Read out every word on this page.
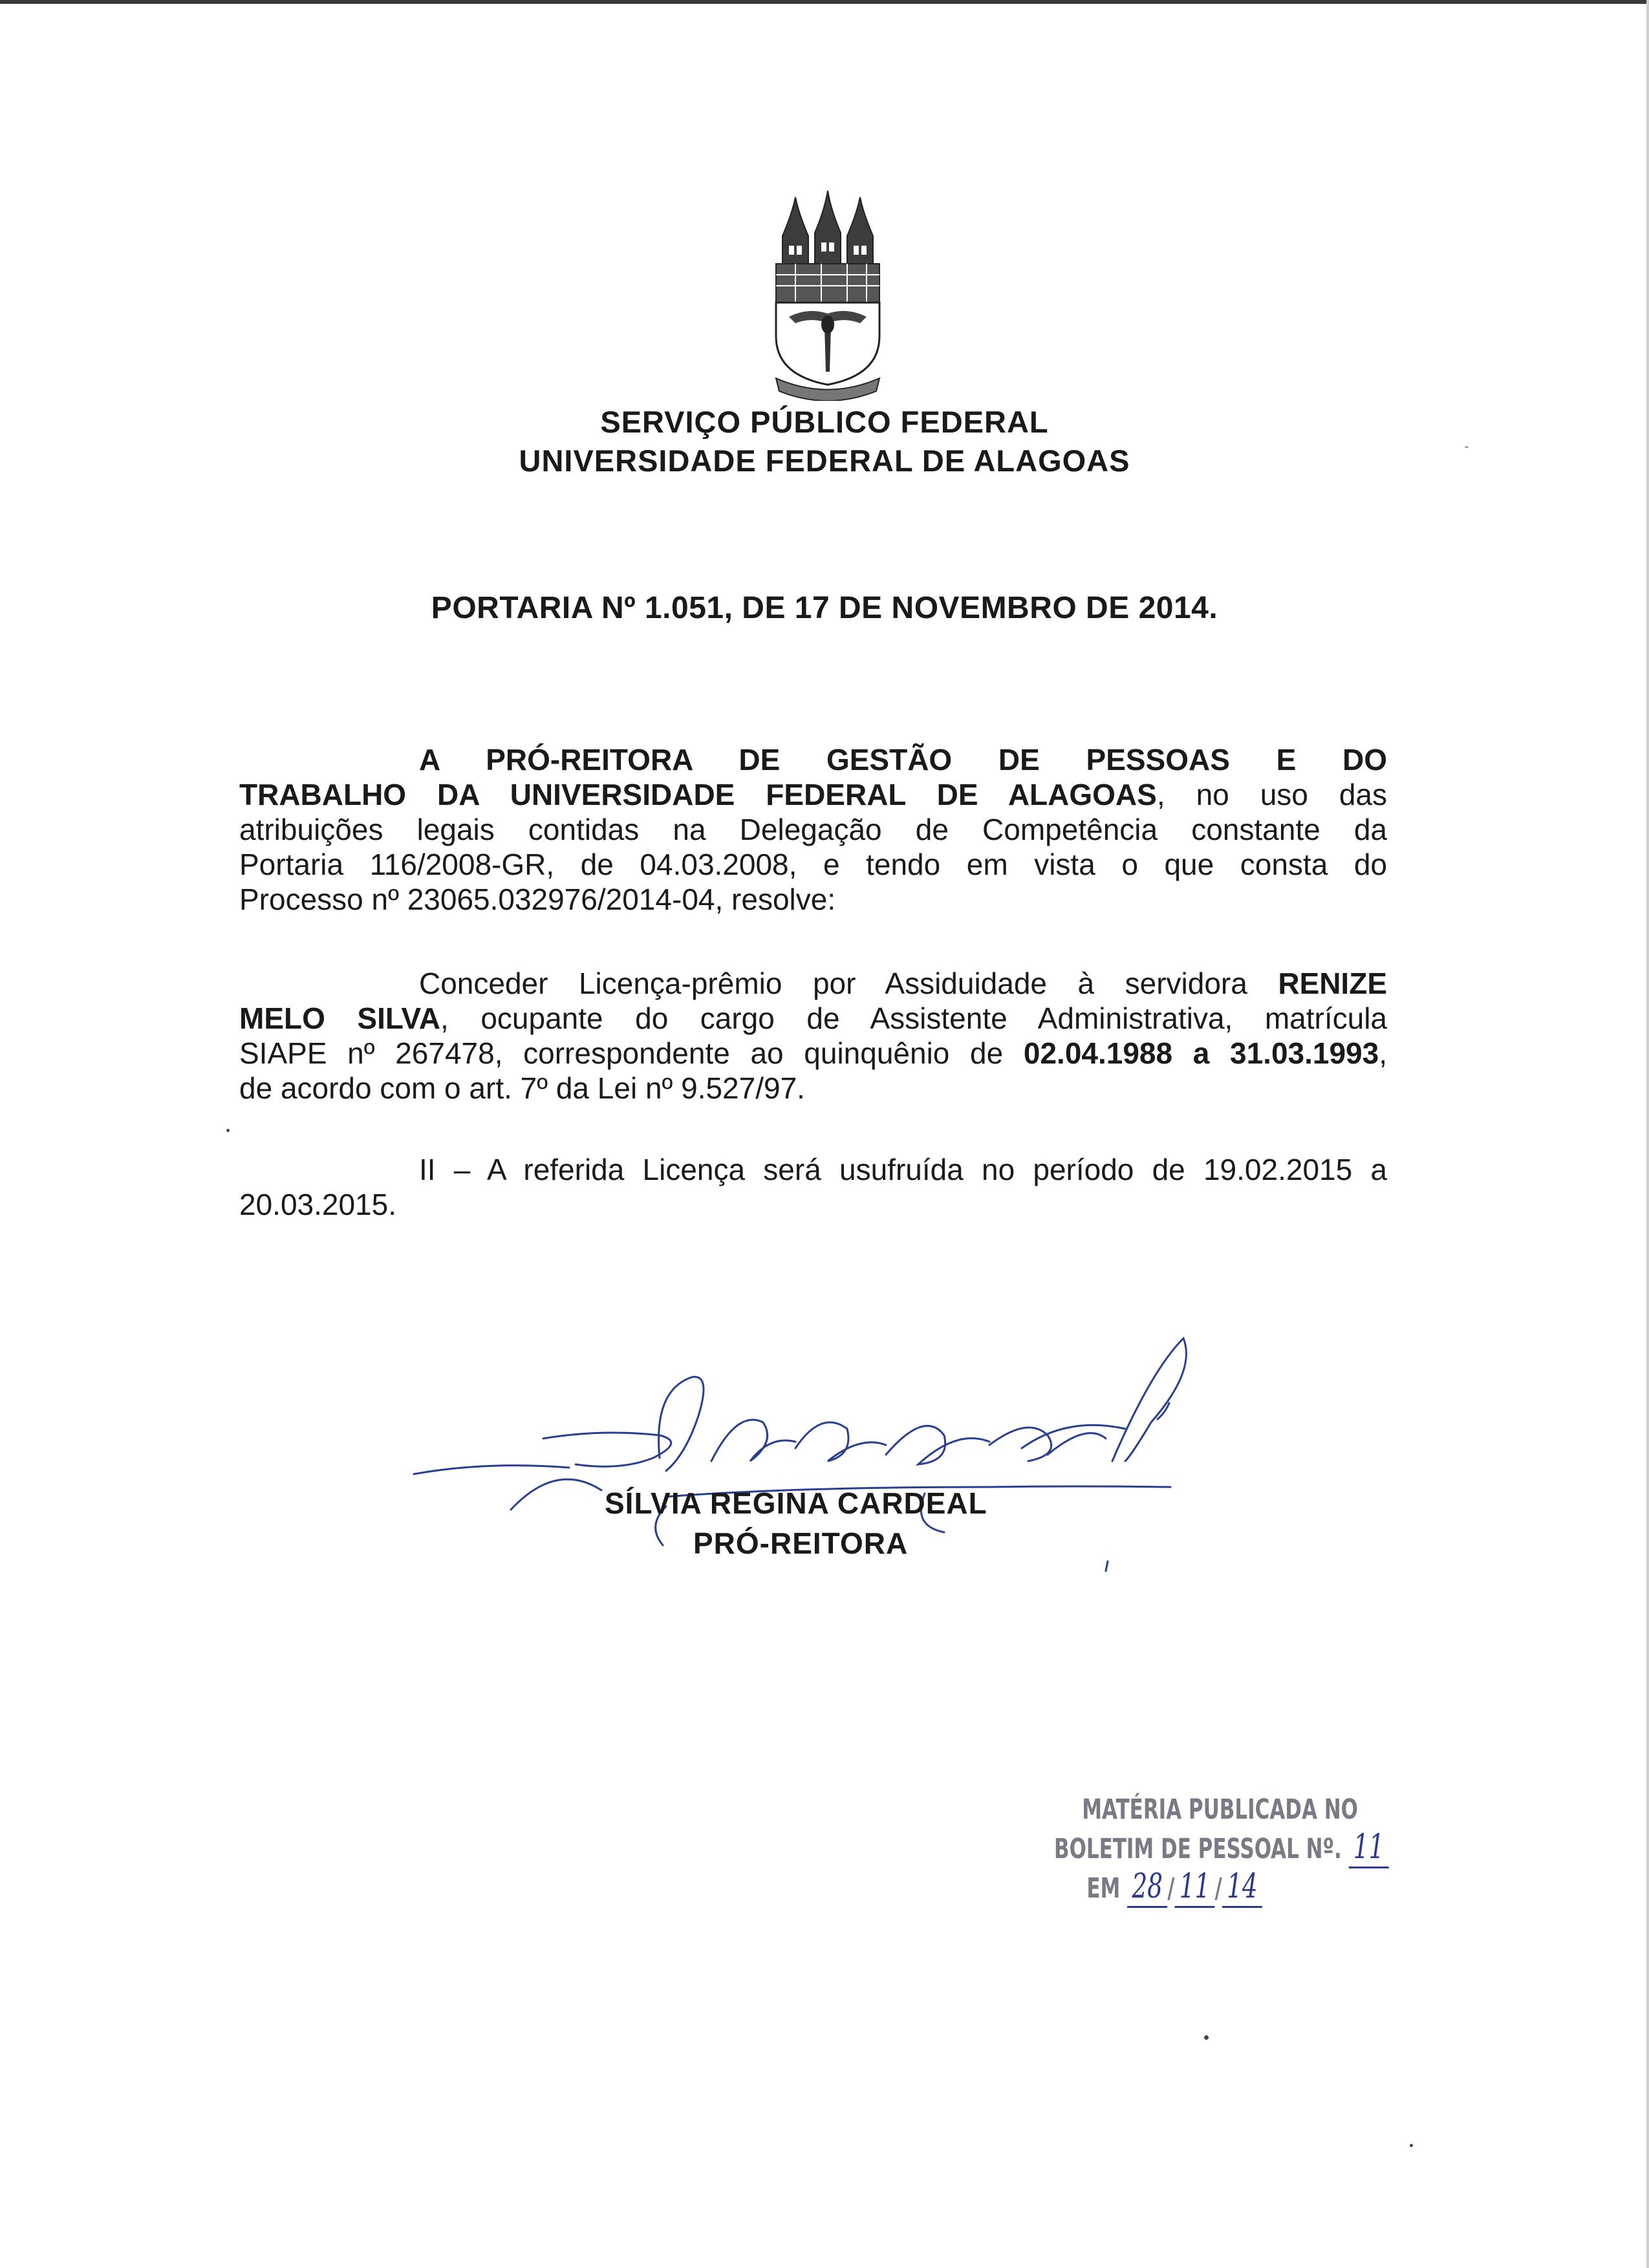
SERVIÇO PÚBLICO FEDERAL
UNIVERSIDADE FEDERAL DE ALAGOAS
PORTARIA Nº 1.051, DE 17 DE NOVEMBRO DE 2014.
A PRÓ-REITORA DE GESTÃO DE PESSOAS E DO
TRABALHO DA UNIVERSIDADE FEDERAL DE ALAGOAS, no uso das
atribuições legais contidas na Delegação de Competência constante da
Portaria 116/2008-GR, de 04.03.2008, e tendo em vista o que consta do
Processo nº 23065.032976/2014-04, resolve:
Conceder Licença-prêmio por Assiduidade à servidora RENIZE
MELO SILVA, ocupante do cargo de Assistente Administrativa, matrícula
SIAPE nº 267478, correspondente ao quinquênio de 02.04.1988 a 31.03.1993,
de acordo com o art. 7º da Lei nº 9.527/97.
II – A referida Licença será usufruída no período de 19.02.2015 a
20.03.2015.
SÍLVIA REGINA CARDEAL
PRÓ-REITORA
MATÉRIA PUBLICADA NO
BOLETIM DE PESSOAL Nº. 11
EM 28 / 11 / 14
